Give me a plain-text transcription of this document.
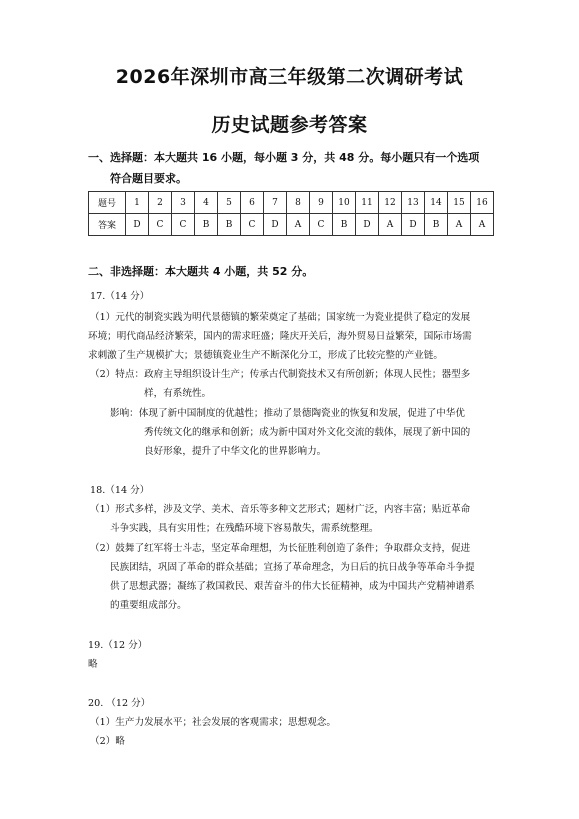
2026年深圳市高三年级第二次调研考试
历史试题参考答案
一、选择题：本大题共 16 小题，每小题 3 分，共 48 分。每小题只有一个选项
符合题目要求。
题号	1	2	3	4	5	6	7	8	9	10	11	12	13	14	15	16
答案	D	C	C	B	B	C	D	A	C	B	D	A	D	B	A	A
二、非选择题：本大题共 4 小题，共 52 分。
17.（14 分）
（1）元代的制瓷实践为明代景德镇的繁荣奠定了基础；国家统一为瓷业提供了稳定的发展
环境；明代商品经济繁荣，国内的需求旺盛；隆庆开关后，海外贸易日益繁荣，国际市场需
求刺激了生产规模扩大；景德镇瓷业生产不断深化分工，形成了比较完整的产业链。
（2）特点：政府主导组织设计生产；传承古代制瓷技术又有所创新；体现人民性；器型多
样，有系统性。
影响：体现了新中国制度的优越性；推动了景德陶瓷业的恢复和发展，促进了中华优
秀传统文化的继承和创新；成为新中国对外文化交流的载体，展现了新中国的
良好形象，提升了中华文化的世界影响力。
18.（14 分）
（1）形式多样，涉及文学、美术、音乐等多种文艺形式；题材广泛，内容丰富；贴近革命
斗争实践，具有实用性；在残酷环境下容易散失，需系统整理。
（2）鼓舞了红军将士斗志，坚定革命理想，为长征胜利创造了条件；争取群众支持，促进
民族团结，巩固了革命的群众基础；宣扬了革命理念，为日后的抗日战争等革命斗争提
供了思想武器；凝练了救国救民、艰苦奋斗的伟大长征精神，成为中国共产党精神谱系
的重要组成部分。
19.（12 分）
略
20. （12 分）
（1）生产力发展水平；社会发展的客观需求；思想观念。
（2）略
